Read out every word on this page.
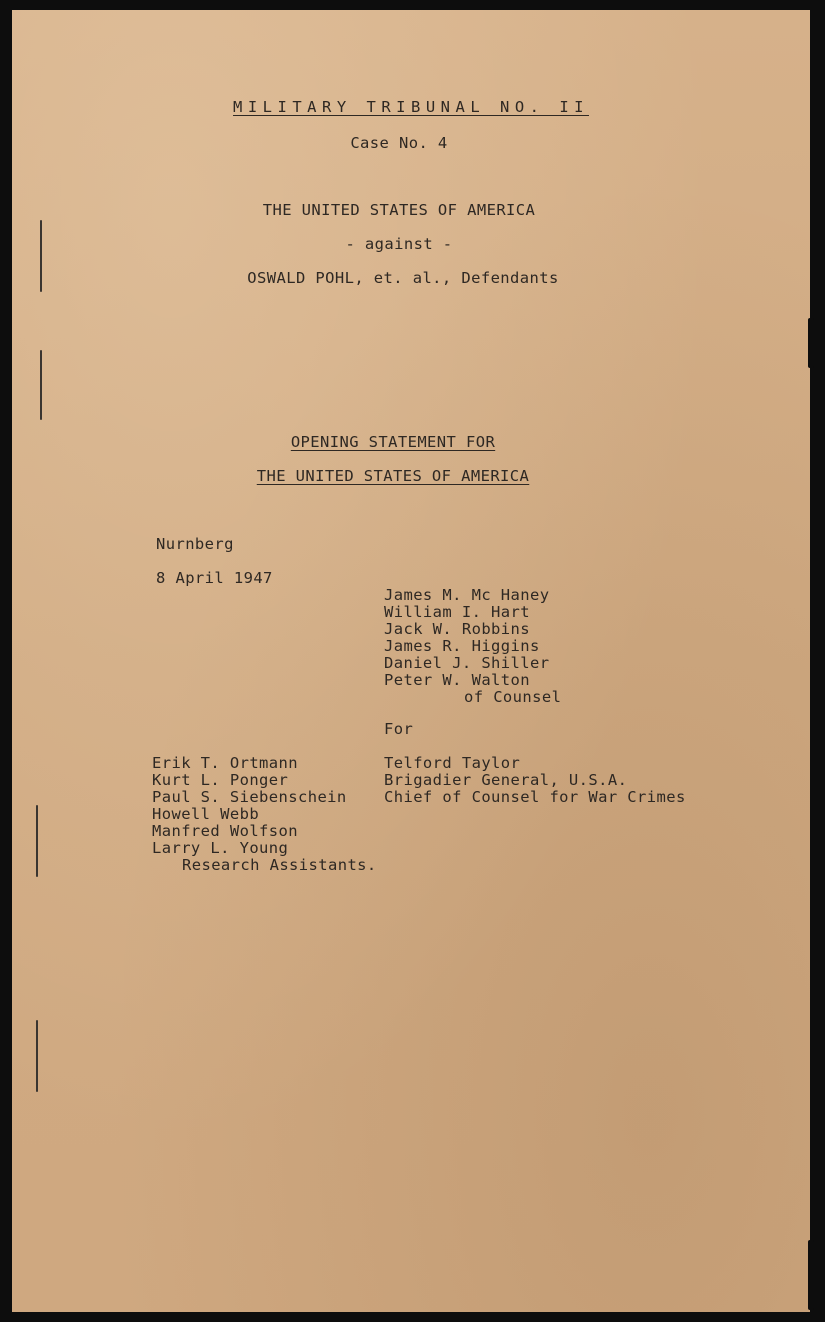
MILITARY TRIBUNAL NO. II
Case No. 4
THE UNITED STATES OF AMERICA
- against -
OSWALD POHL, et. al., Defendants
OPENING STATEMENT FOR
THE UNITED STATES OF AMERICA
Nurnberg
8 April 1947
James M. Mc Haney
William I. Hart
Jack W. Robbins
James R. Higgins
Daniel J. Shiller
Peter W. Walton
of Counsel
For
Erik T. Ortmann
Kurt L. Ponger
Paul S. Siebenschein
Howell Webb
Manfred Wolfson
Larry L. Young
Research Assistants.
Telford Taylor
Brigadier General, U.S.A.
Chief of Counsel for War Crimes
